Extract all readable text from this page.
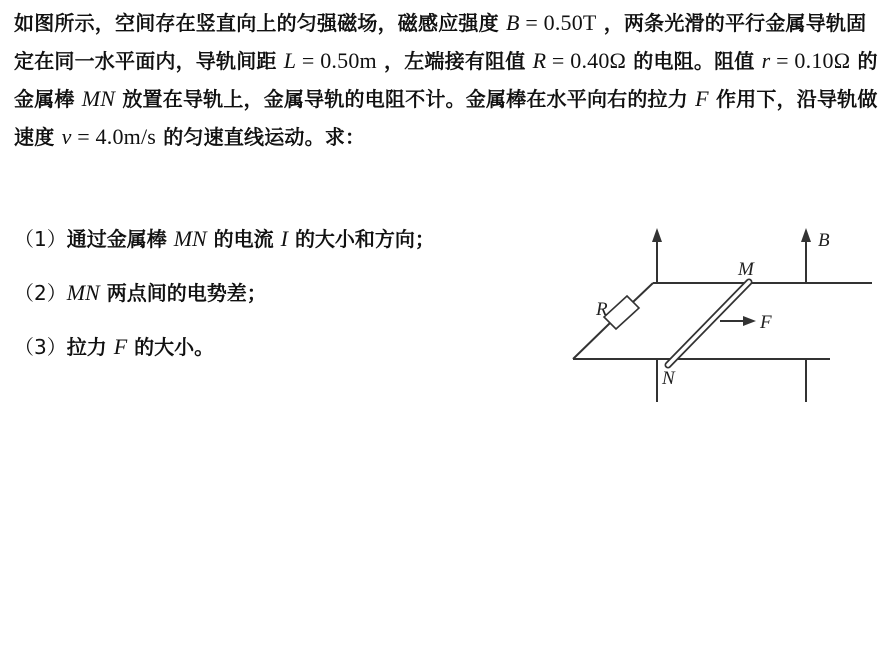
如图所示，空间存在竖直向上的匀强磁场，磁感应强度 B = 0.50T ，两条光滑的平行金属导轨固定在同一水平面内，导轨间距 L = 0.50m ，左端接有阻值 R = 0.40Ω 的电阻。阻值 r = 0.10Ω 的金属棒 MN 放置在导轨上，金属导轨的电阻不计。金属棒在水平向右的拉力 F 作用下，沿导轨做速度 v = 4.0m/s 的匀速直线运动。求：
（1）通过金属棒 MN 的电流 I 的大小和方向；
（2）MN 两点间的电势差；
（3）拉力 F 的大小。
R
B
M
N
F
